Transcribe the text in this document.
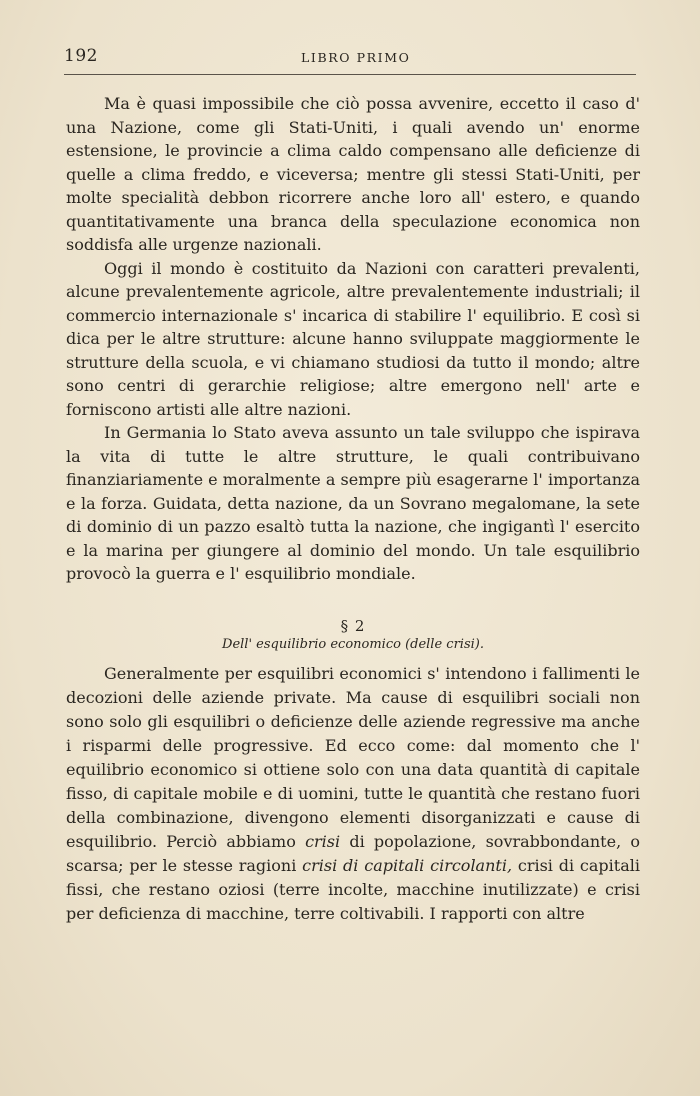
192	LIBRO PRIMO

Ma è quasi impossibile che ciò possa avvenire, eccetto il caso d' una Nazione, come gli Stati-Uniti, i quali avendo un' enorme estensione, le provincie a clima caldo compensano alle deficienze di quelle a clima freddo, e viceversa; mentre gli stessi Stati-Uniti, per molte specialità debbon ricorrere anche loro all' estero, e quando quantitativamente una branca della speculazione economica non soddisfa alle urgenze nazionali.

Oggi il mondo è costituito da Nazioni con caratteri prevalenti, alcune prevalentemente agricole, altre prevalentemente industriali; il commercio internazionale s' incarica di stabilire l' equilibrio. E così si dica per le altre strutture: alcune hanno sviluppate maggiormente le strutture della scuola, e vi chiamano studiosi da tutto il mondo; altre sono centri di gerarchie religiose; altre emergono nell' arte e forniscono artisti alle altre nazioni.

In Germania lo Stato aveva assunto un tale sviluppo che ispirava la vita di tutte le altre strutture, le quali contribuivano finanziariamente e moralmente a sempre più esagerarne l' importanza e la forza. Guidata, detta nazione, da un Sovrano megalomane, la sete di dominio di un pazzo esaltò tutta la nazione, che ingigantì l' esercito e la marina per giungere al dominio del mondo. Un tale esquilibrio provocò la guerra e l' esquilibrio mondiale.

§ 2
Dell' esquilibrio economico (delle crisi).

Generalmente per esquilibri economici s' intendono i fallimenti le decozioni delle aziende private. Ma cause di esquilibri sociali non sono solo gli esquilibri o deficienze delle aziende regressive ma anche i risparmi delle progressive. Ed ecco come: dal momento che l' equilibrio economico si ottiene solo con una data quantità di capitale fisso, di capitale mobile e di uomini, tutte le quantità che restano fuori della combinazione, divengono elementi disorganizzati e cause di esquilibrio. Perciò abbiamo crisi di popolazione, sovrabbondante, o scarsa; per le stesse ragioni crisi di capitali circolanti, crisi di capitali fissi, che restano oziosi (terre incolte, macchine inutilizzate) e crisi per deficienza di macchine, terre coltivabili. I rapporti con altre
